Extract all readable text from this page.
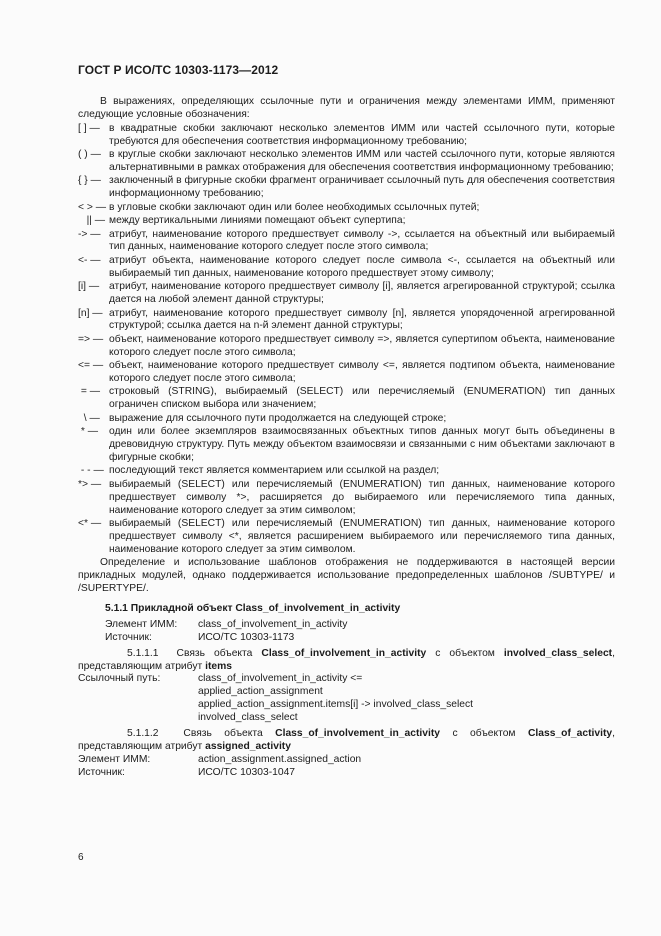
ГОСТ Р ИСО/ТС 10303-1173—2012

В выражениях, определяющих ссылочные пути и ограничения между элементами ИММ, применяют следующие условные обозначения:

[ ] — в квадратные скобки заключают несколько элементов ИММ или частей ссылочного пути, которые требуются для обеспечения соответствия информационному требованию;
( ) — в круглые скобки заключают несколько элементов ИММ или частей ссылочного пути, которые являются альтернативными в рамках отображения для обеспечения соответствия информационному требованию;
{ } — заключенный в фигурные скобки фрагмент ограничивает ссылочный путь для обеспечения соответствия информационному требованию;
< > — в угловые скобки заключают один или более необходимых ссылочных путей;
|| — между вертикальными линиями помещают объект супертипа;
-> — атрибут, наименование которого предшествует символу ->, ссылается на объектный или выбираемый тип данных, наименование которого следует после этого символа;
<- — атрибут объекта, наименование которого следует после символа <-, ссылается на объектный или выбираемый тип данных, наименование которого предшествует этому символу;
[i] — атрибут, наименование которого предшествует символу [i], является агрегированной структурой; ссылка дается на любой элемент данной структуры;
[n] — атрибут, наименование которого предшествует символу [n], является упорядоченной агрегированной структурой; ссылка дается на n-й элемент данной структуры;
=> — объект, наименование которого предшествует символу =>, является супертипом объекта, наименование которого следует после этого символа;
<= — объект, наименование которого предшествует символу <=, является подтипом объекта, наименование которого следует после этого символа;
= — строковый (STRING), выбираемый (SELECT) или перечисляемый (ENUMERATION) тип данных ограничен списком выбора или значением;
\ — выражение для ссылочного пути продолжается на следующей строке;
* —	один или более экземпляров взаимосвязанных объектных типов данных могут быть объединены в древовидную структуру. Путь между объектом взаимосвязи и связанными с ним объектами заключают в фигурные скобки;
- - — последующий текст является комментарием или ссылкой на раздел;
*> — выбираемый (SELECT) или перечисляемый (ENUMERATION) тип данных, наименование которого предшествует символу *>, расширяется до выбираемого или перечисляемого типа данных, наименование которого следует за этим символом;
<* — выбираемый (SELECT) или перечисляемый (ENUMERATION) тип данных, наименование которого предшествует символу <*, является расширением выбираемого или перечисляемого типа данных, наименование которого следует за этим символом.

Определение и использование шаблонов отображения не поддерживаются в настоящей версии прикладных модулей, однако поддерживается использование предопределенных шаблонов /SUBTYPE/ и /SUPERTYPE/.

5.1.1 Прикладной объект Class_of_involvement_in_activity
Элемент ИММ:	class_of_involvement_in_activity
Источник:	ИСО/ТС 10303-1173

5.1.1.1 Связь объекта Class_of_involvement_in_activity с объектом involved_class_select, представляющим атрибут items

Ссылочный путь:	class_of_involvement_in_activity <=
applied_action_assignment
applied_action_assignment.items[i] -> involved_class_select
involved_class_select

5.1.1.2 Связь объекта Class_of_involvement_in_activity с объектом Class_of_activity, представляющим атрибут assigned_activity

Элемент ИММ:	action_assignment.assigned_action
Источник:	ИСО/ТС 10303-1047
6
